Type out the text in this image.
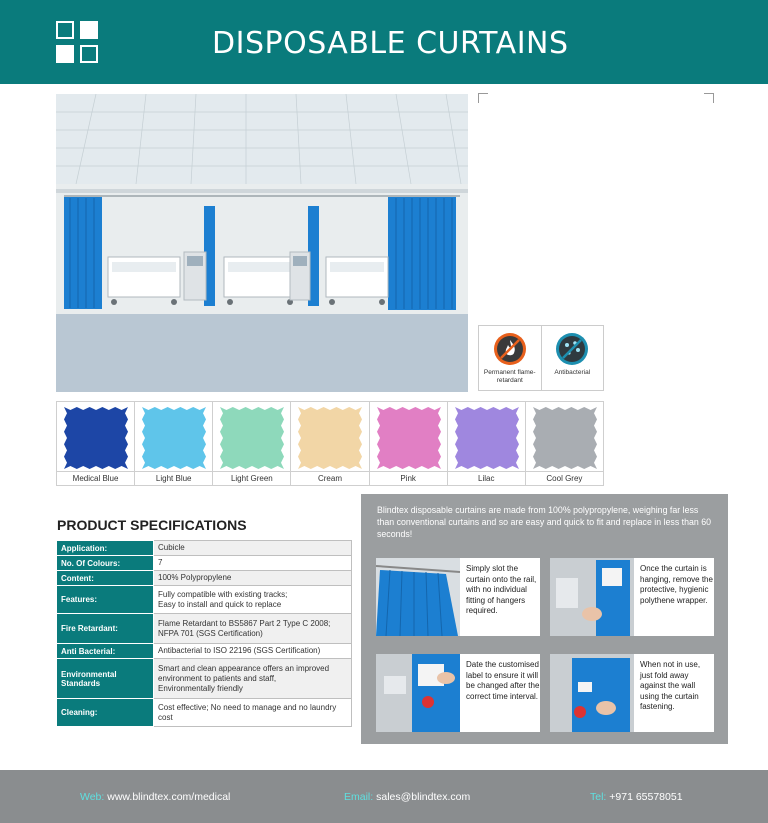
DISPOSABLE CURTAINS
Permanent flame-retardant
Antibacterial
Medical Blue	Light Blue	Light Green	Cream	Pink	Lilac	Cool Grey
PRODUCT SPECIFICATIONS
Application:	Cubicle

No. Of Colours:	7

Content:	100% Polypropylene

Features:	Fully compatible with existing tracks;
Easy to install and quick to replace

Fire Retardant:	Flame Retardant to BS5867 Part 2 Type C 2008;
NFPA 701 (SGS Certification)

Anti Bacterial:	Antibacterial to ISO 22196 (SGS Certification)

Environmental Standards	Smart and clean appearance offers an improved
environment to patients and staff,
Environmentally friendly

Cleaning:	Cost effective; No need to manage and no laundry
cost
Blindtex disposable curtains are made from 100% polypropylene, weighing far less than conventional curtains and so are easy and quick to fit and replace in less than 60 seconds!
Simply slot the curtain onto the rail, with no individual fitting of hangers required.
Once the curtain is hanging, remove the protective, hygienic polythene wrapper.
Date the customised label to ensure it will be changed after the correct time interval.
When not in use, just fold away against the wall using the curtain fastening.
Web: www.blindtex.com/medical	Email: sales@blindtex.com	Tel: +971 65578051
